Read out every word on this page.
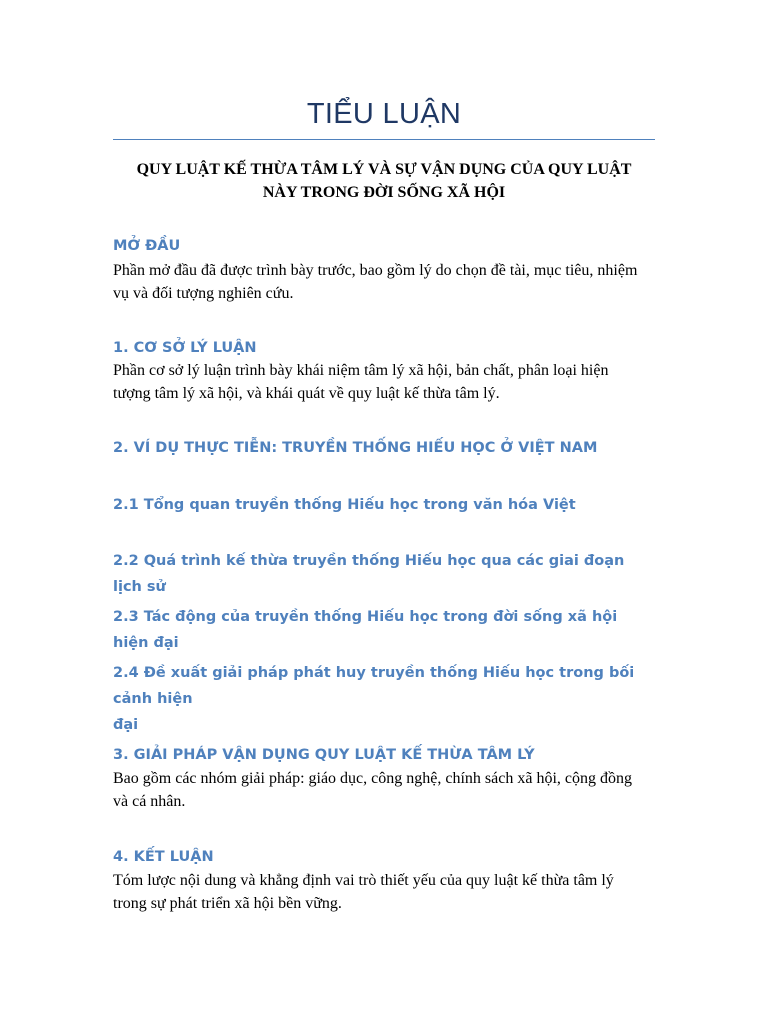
TIỂU LUẬN
QUY LUẬT KẾ THỪA TÂM LÝ VÀ SỰ VẬN DỤNG CỦA QUY LUẬT
NÀY TRONG ĐỜI SỐNG XÃ HỘI
MỞ ĐẦU
Phần mở đầu đã được trình bày trước, bao gồm lý do chọn đề tài, mục tiêu, nhiệm
vụ và đối tượng nghiên cứu.
1. CƠ SỞ LÝ LUẬN
Phần cơ sở lý luận trình bày khái niệm tâm lý xã hội, bản chất, phân loại hiện
tượng tâm lý xã hội, và khái quát về quy luật kế thừa tâm lý.
2. VÍ DỤ THỰC TIỄN: TRUYỀN THỐNG HIẾU HỌC Ở VIỆT NAM
2.1 Tổng quan truyền thống Hiếu học trong văn hóa Việt
2.2 Quá trình kế thừa truyền thống Hiếu học qua các giai đoạn lịch sử
2.3 Tác động của truyền thống Hiếu học trong đời sống xã hội hiện đại
2.4 Đề xuất giải pháp phát huy truyền thống Hiếu học trong bối cảnh hiện
đại
3. GIẢI PHÁP VẬN DỤNG QUY LUẬT KẾ THỪA TÂM LÝ
Bao gồm các nhóm giải pháp: giáo dục, công nghệ, chính sách xã hội, cộng đồng
và cá nhân.
4. KẾT LUẬN
Tóm lược nội dung và khẳng định vai trò thiết yếu của quy luật kế thừa tâm lý
trong sự phát triển xã hội bền vững.
